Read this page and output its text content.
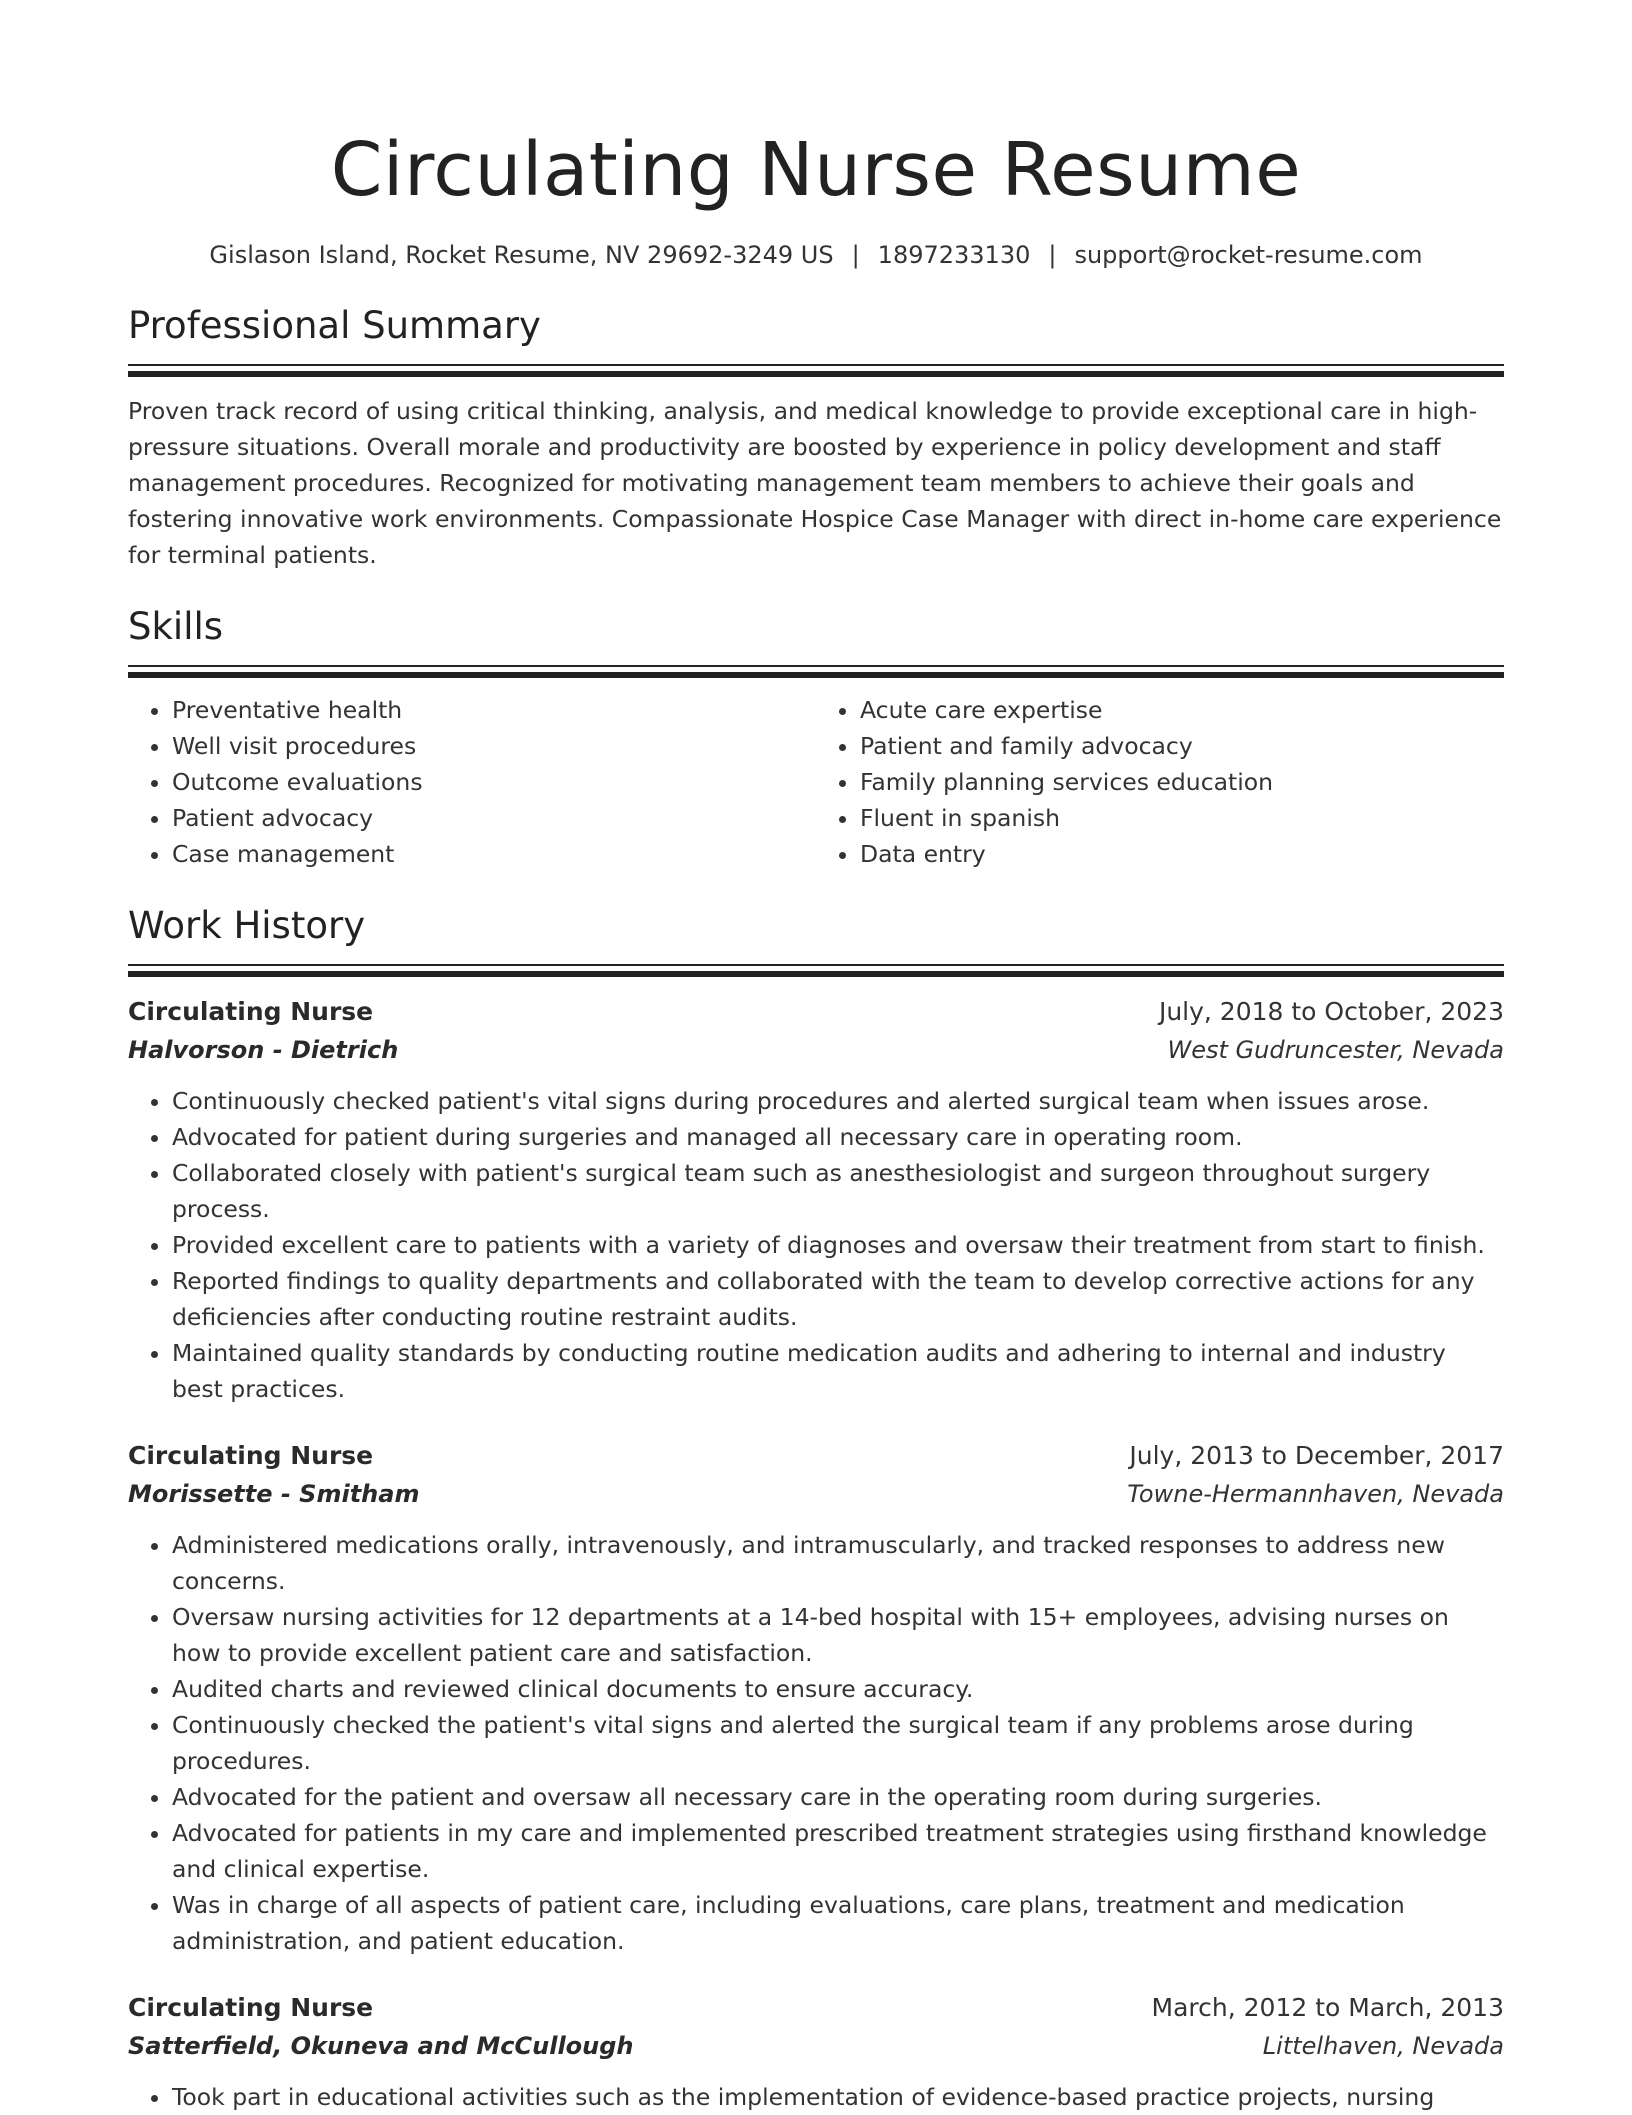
Circulating Nurse Resume
Gislason Island, Rocket Resume, NV 29692-3249 US | 1897233130 | support@rocket-resume.com
Professional Summary

Proven track record of using critical thinking, analysis, and medical knowledge to provide exceptional care in high-pressure situations. Overall morale and productivity are boosted by experience in policy development and staff management procedures. Recognized for motivating management team members to achieve their goals and fostering innovative work environments. Compassionate Hospice Case Manager with direct in-home care experience for terminal patients.

Skills
• Preventative health
• Well visit procedures
• Outcome evaluations
• Patient advocacy
• Case management
• Acute care expertise
• Patient and family advocacy
• Family planning services education
• Fluent in spanish
• Data entry
Work History
Circulating Nurse	July, 2018 to October, 2023
Halvorson - Dietrich	West Gudruncester, Nevada
• Continuously checked patient's vital signs during procedures and alerted surgical team when issues arose.
• Advocated for patient during surgeries and managed all necessary care in operating room.
• Collaborated closely with patient's surgical team such as anesthesiologist and surgeon throughout surgery process.
• Provided excellent care to patients with a variety of diagnoses and oversaw their treatment from start to finish.
• Reported findings to quality departments and collaborated with the team to develop corrective actions for any deficiencies after conducting routine restraint audits.
• Maintained quality standards by conducting routine medication audits and adhering to internal and industry best practices.
Circulating Nurse	July, 2013 to December, 2017
Morissette - Smitham	Towne-Hermannhaven, Nevada
• Administered medications orally, intravenously, and intramuscularly, and tracked responses to address new concerns.
• Oversaw nursing activities for 12 departments at a 14-bed hospital with 15+ employees, advising nurses on how to provide excellent patient care and satisfaction.
• Audited charts and reviewed clinical documents to ensure accuracy.
• Continuously checked the patient's vital signs and alerted the surgical team if any problems arose during procedures.
• Advocated for the patient and oversaw all necessary care in the operating room during surgeries.
• Advocated for patients in my care and implemented prescribed treatment strategies using firsthand knowledge and clinical expertise.
• Was in charge of all aspects of patient care, including evaluations, care plans, treatment and medication administration, and patient education.
Circulating Nurse	March, 2012 to March, 2013
Satterfield, Okuneva and McCullough	Littelhaven, Nevada
• Took part in educational activities such as the implementation of evidence-based practice projects, nursing
